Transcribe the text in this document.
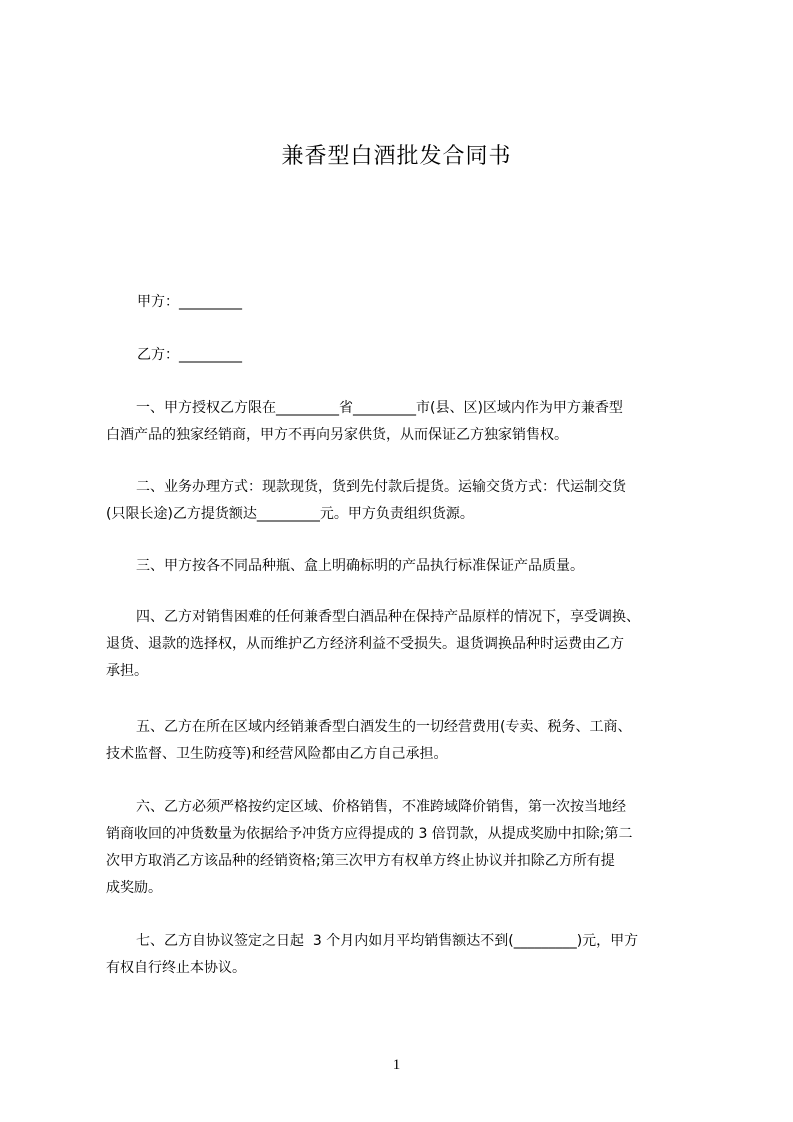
兼香型白酒批发合同书
甲方：_________
乙方：_________
一、甲方授权乙方限在_________省_________市(县、区)区域内作为甲方兼香型
白酒产品的独家经销商，甲方不再向另家供货，从而保证乙方独家销售权。
二、业务办理方式：现款现货，货到先付款后提货。运输交货方式：代运制交货
(只限长途)乙方提货额达_________元。甲方负责组织货源。
三、甲方按各不同品种瓶、盒上明确标明的产品执行标准保证产品质量。
四、乙方对销售困难的任何兼香型白酒品种在保持产品原样的情况下，享受调换、
退货、退款的选择权，从而维护乙方经济利益不受损失。退货调换品种时运费由乙方
承担。
五、乙方在所在区域内经销兼香型白酒发生的一切经营费用(专卖、税务、工商、
技术监督、卫生防疫等)和经营风险都由乙方自己承担。
六、乙方必须严格按约定区域、价格销售，不准跨域降价销售，第一次按当地经
销商收回的冲货数量为依据给予冲货方应得提成的 3 倍罚款，从提成奖励中扣除;第二
次甲方取消乙方该品种的经销资格;第三次甲方有权单方终止协议并扣除乙方所有提
成奖励。
七、乙方自协议签定之日起  3 个月内如月平均销售额达不到(_________)元，甲方
有权自行终止本协议。
1
